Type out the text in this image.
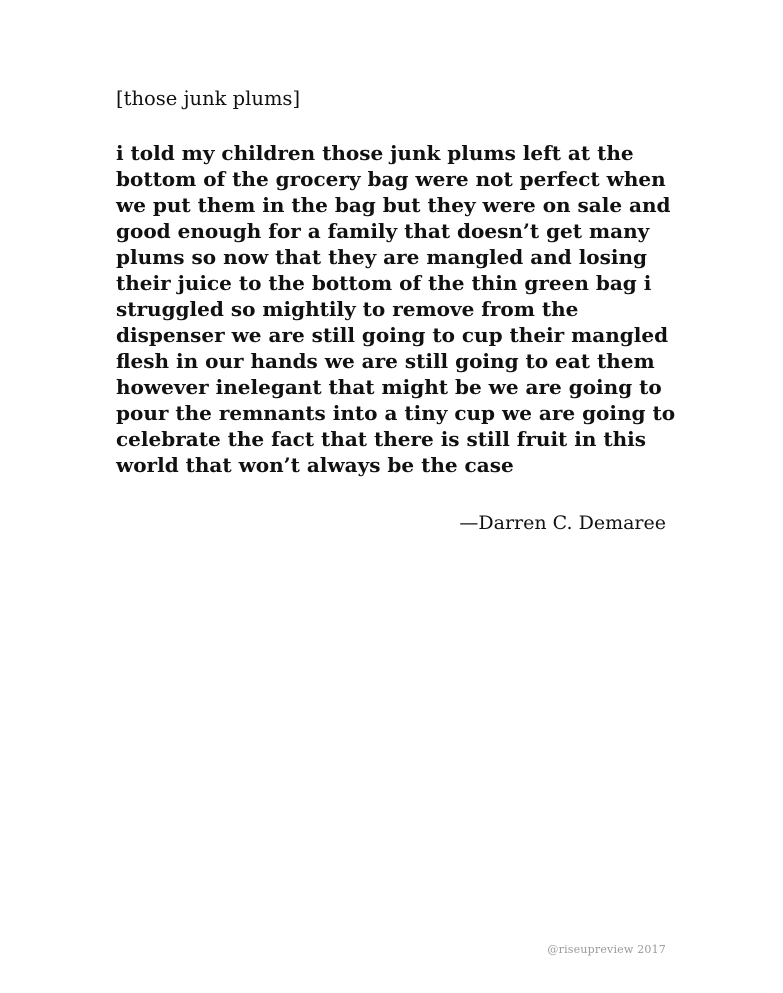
[those junk plums]
i told my children those junk plums left at the
bottom of the grocery bag were not perfect when
we put them in the bag but they were on sale and
good enough for a family that doesn’t get many
plums so now that they are mangled and losing
their juice to the bottom of the thin green bag i
struggled so mightily to remove from the
dispenser we are still going to cup their mangled
flesh in our hands we are still going to eat them
however inelegant that might be we are going to
pour the remnants into a tiny cup we are going to
celebrate the fact that there is still fruit in this
world that won’t always be the case
—Darren C. Demaree
@riseupreview 2017
